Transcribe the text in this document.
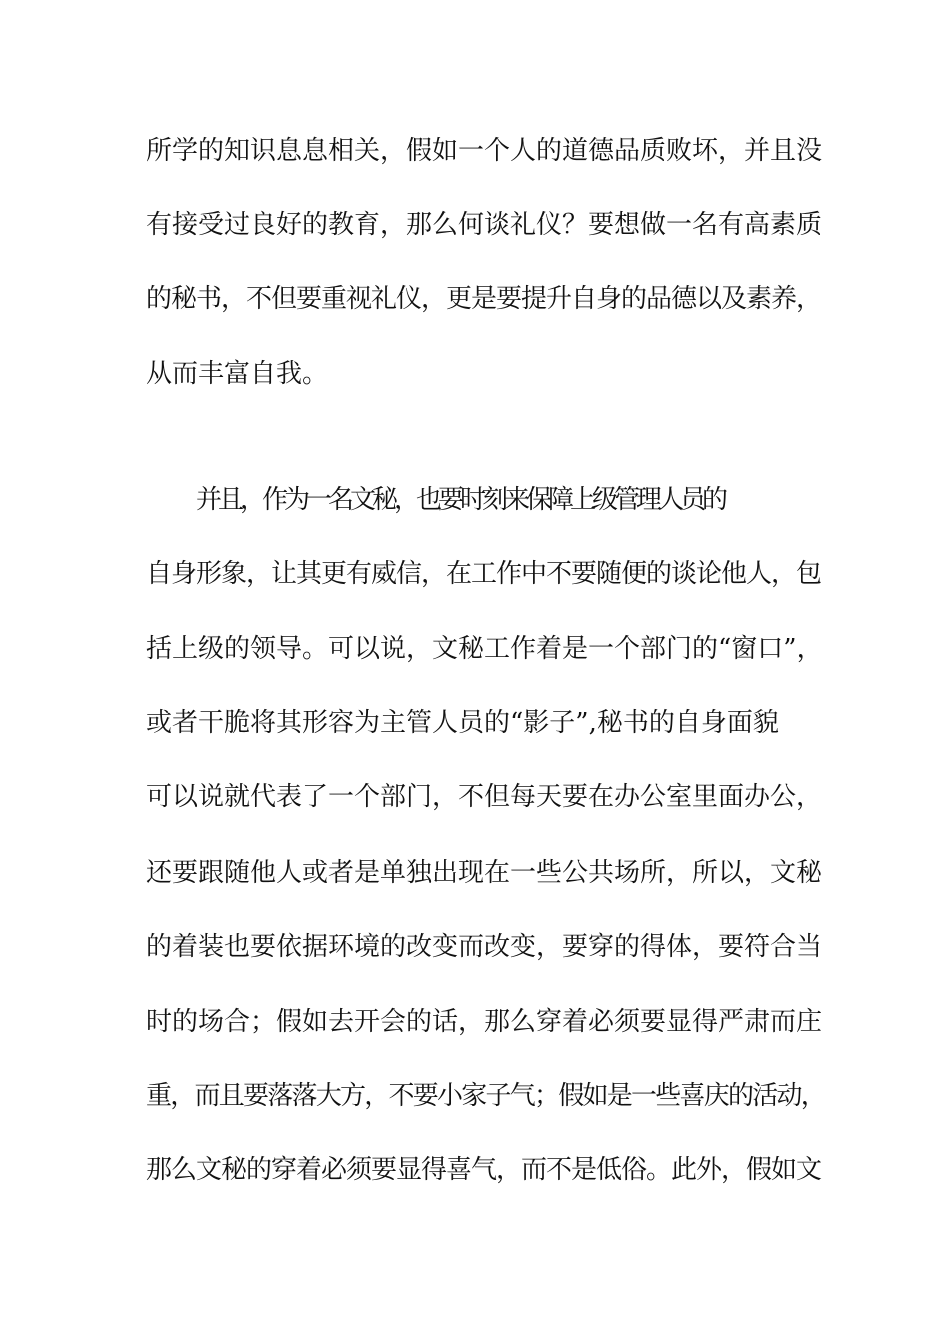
所学的知识息息相关，假如一个人的道德品质败坏，并且没
有接受过良好的教育，那么何谈礼仪？要想做一名有高素质
的秘书，不但要重视礼仪，更是要提升自身的品德以及素养，
从而丰富自我。
并且，作为一名文秘，也要时刻来保障上级管理人员的
自身形象，让其更有威信，在工作中不要随便的谈论他人，包
括上级的领导。可以说，文秘工作着是一个部门的“窗口”，
或者干脆将其形容为主管人员的“影子”,秘书的自身面貌
可以说就代表了一个部门，不但每天要在办公室里面办公，
还要跟随他人或者是单独出现在一些公共场所，所以，文秘
的着装也要依据环境的改变而改变，要穿的得体，要符合当
时的场合；假如去开会的话，那么穿着必须要显得严肃而庄
重，而且要落落大方，不要小家子气；假如是一些喜庆的活动，
那么文秘的穿着必须要显得喜气，而不是低俗。此外，假如文
